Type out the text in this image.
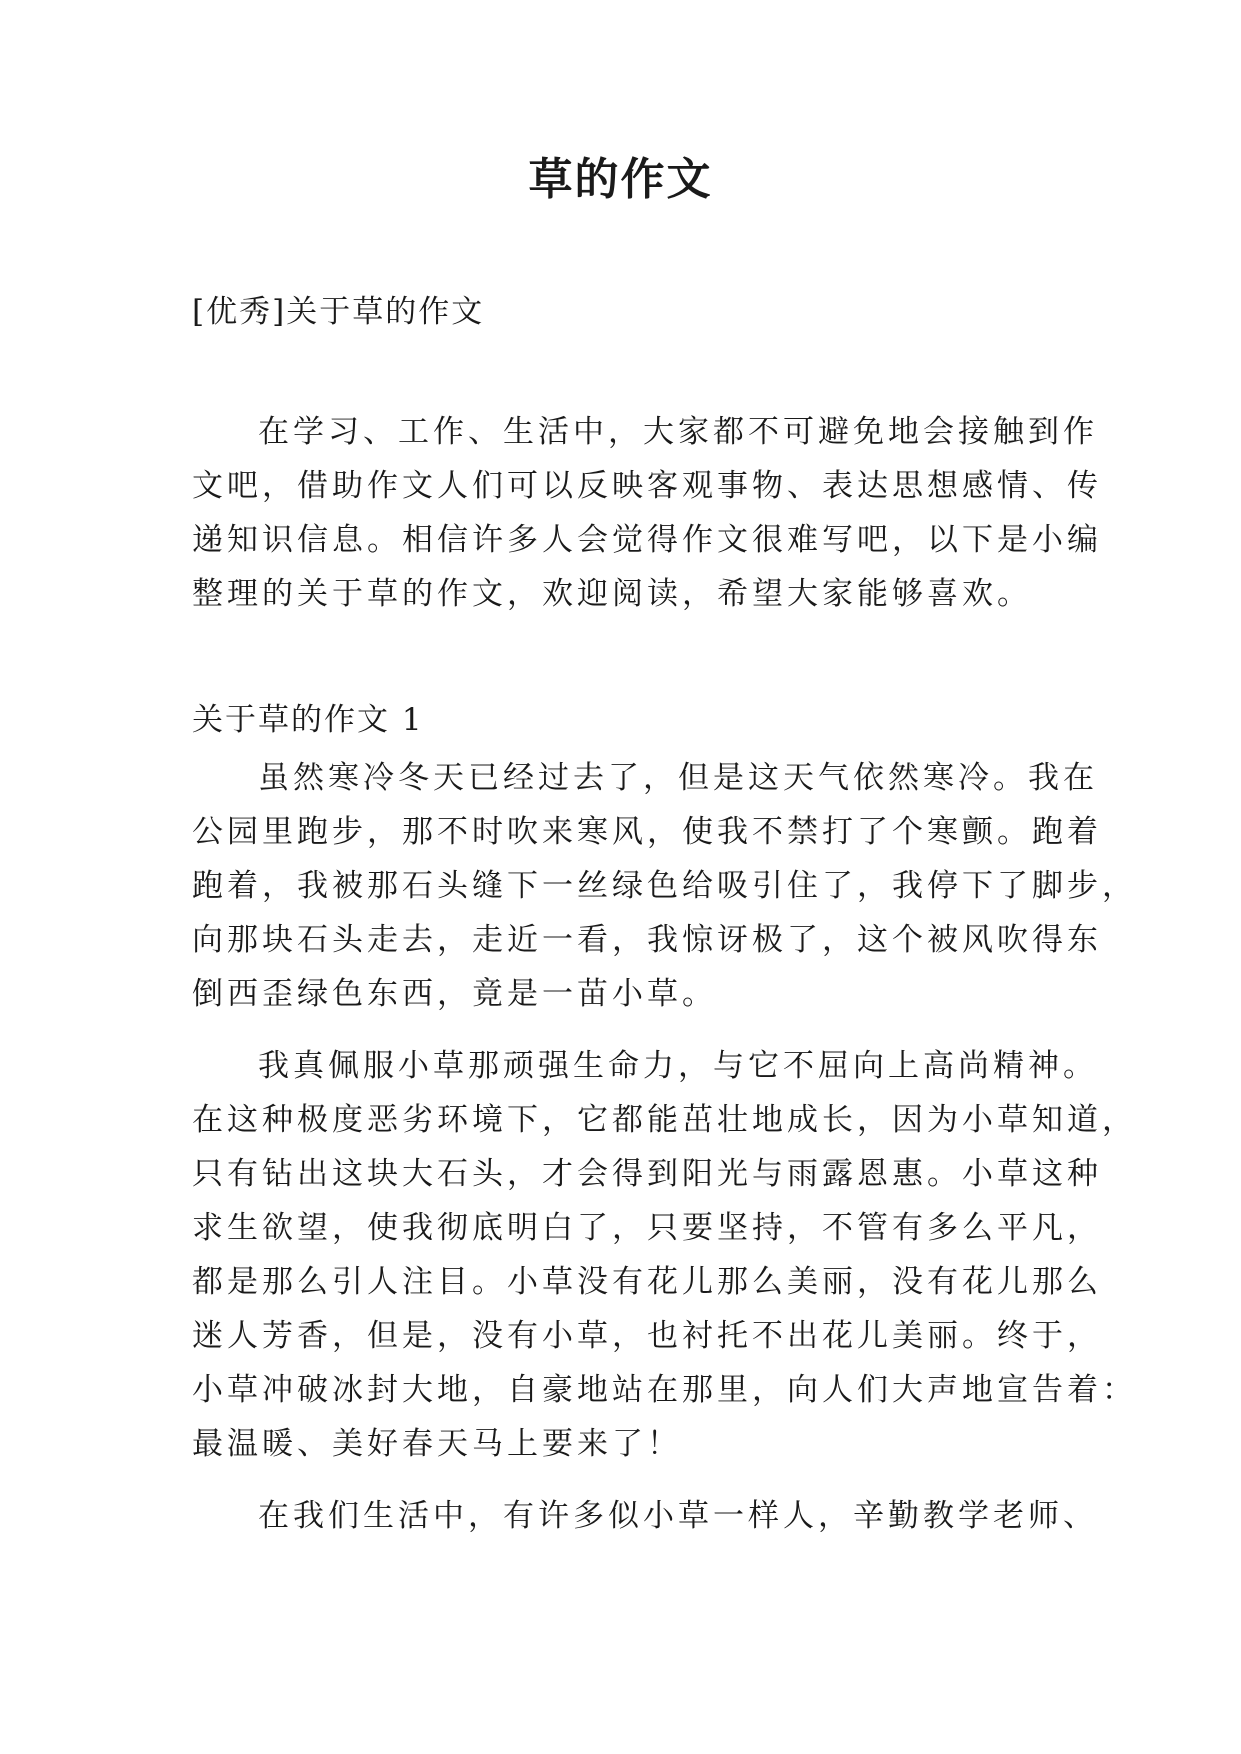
草的作文
[优秀]关于草的作文
在学习、工作、生活中，大家都不可避免地会接触到作
文吧，借助作文人们可以反映客观事物、表达思想感情、传
递知识信息。相信许多人会觉得作文很难写吧，以下是小编
整理的关于草的作文，欢迎阅读，希望大家能够喜欢。
关于草的作文 1
虽然寒冷冬天已经过去了，但是这天气依然寒冷。我在
公园里跑步，那不时吹来寒风，使我不禁打了个寒颤。跑着
跑着，我被那石头缝下一丝绿色给吸引住了，我停下了脚步，
向那块石头走去，走近一看，我惊讶极了，这个被风吹得东
倒西歪绿色东西，竟是一苗小草。
我真佩服小草那顽强生命力，与它不屈向上高尚精神。
在这种极度恶劣环境下，它都能茁壮地成长，因为小草知道，
只有钻出这块大石头，才会得到阳光与雨露恩惠。小草这种
求生欲望，使我彻底明白了，只要坚持，不管有多么平凡，
都是那么引人注目。小草没有花儿那么美丽，没有花儿那么
迷人芳香，但是，没有小草，也衬托不出花儿美丽。终于，
小草冲破冰封大地，自豪地站在那里，向人们大声地宣告着：
最温暖、美好春天马上要来了！
在我们生活中，有许多似小草一样人，辛勤教学老师、
